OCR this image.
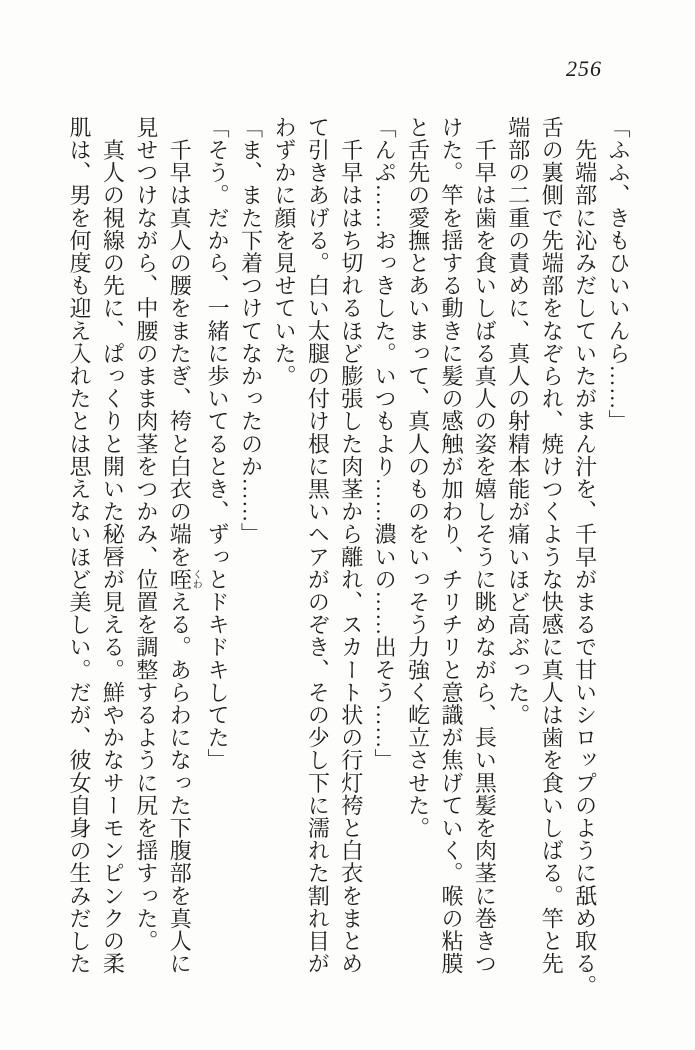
256
「ふふ、きもひいいんら……」
　先端部に沁みだしていたがまん汁を、千早がまるで甘いシロップのように舐め取る。
舌の裏側で先端部をなぞられ、焼けつくような快感に真人は歯を食いしばる。竿と先
端部の二重の責めに、真人の射精本能が痛いほど高ぶった。
　千早は歯を食いしばる真人の姿を嬉しそうに眺めながら、長い黒髪を肉茎に巻きつ
けた。竿を揺する動きに髪の感触が加わり、チリチリと意識が焦げていく。喉の粘膜
と舌先の愛撫とあいまって、真人のものをいっそう力強く屹立させた。
「んぷ……おっきした。いつもより……濃いの……出そう……」
　千早ははち切れるほど膨張した肉茎から離れ、スカート状の行灯袴と白衣をまとめ
て引きあげる。白い太腿の付け根に黒いヘアがのぞき、その少し下に濡れた割れ目が
わずかに顔を見せていた。
「ま、また下着つけてなかったのか……」
「そう。だから、一緒に歩いてるとき、ずっとドキドキしてた」
　千早は真人の腰をまたぎ、袴と白衣の端を咥くわえる。あらわになった下腹部を真人に
見せつけながら、中腰のまま肉茎をつかみ、位置を調整するように尻を揺すった。
　真人の視線の先に、ぱっくりと開いた秘唇が見える。鮮やかなサーモンピンクの柔
肌は、男を何度も迎え入れたとは思えないほど美しい。だが、彼女自身の生みだした
